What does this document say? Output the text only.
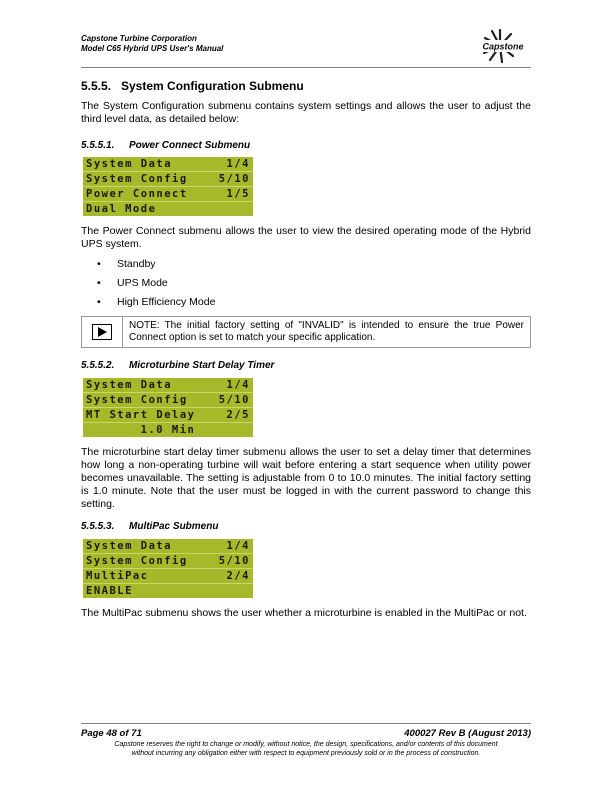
Capstone Turbine Corporation
Model C65 Hybrid UPS User's Manual	Capstone
5.5.5. System Configuration Submenu
The System Configuration submenu contains system settings and allows the user to adjust the third level data, as detailed below:
5.5.5.1. Power Connect Submenu
System Data	1/4
System Config	5/10
Power Connect	1/5
Dual Mode
The Power Connect submenu allows the user to view the desired operating mode of the Hybrid UPS system.
•	Standby
•	UPS Mode
•	High Efficiency Mode
NOTE: The initial factory setting of "INVALID" is intended to ensure the true Power Connect option is set to match your specific application.
5.5.5.2. Microturbine Start Delay Timer
System Data	1/4
System Config	5/10
MT Start Delay	2/5
1.0 Min
The microturbine start delay timer submenu allows the user to set a delay timer that determines how long a non-operating turbine will wait before entering a start sequence when utility power becomes unavailable. The setting is adjustable from 0 to 10.0 minutes. The initial factory setting is 1.0 minute. Note that the user must be logged in with the current password to change this setting.
5.5.5.3. MultiPac Submenu
System Data	1/4
System Config	5/10
MultiPac	2/4
ENABLE
The MultiPac submenu shows the user whether a microturbine is enabled in the MultiPac or not.
Page 48 of 71	400027 Rev B (August 2013)
Capstone reserves the right to change or modify, without notice, the design, specifications, and/or contents of this document
without incurring any obligation either with respect to equipment previously sold or in the process of construction.
